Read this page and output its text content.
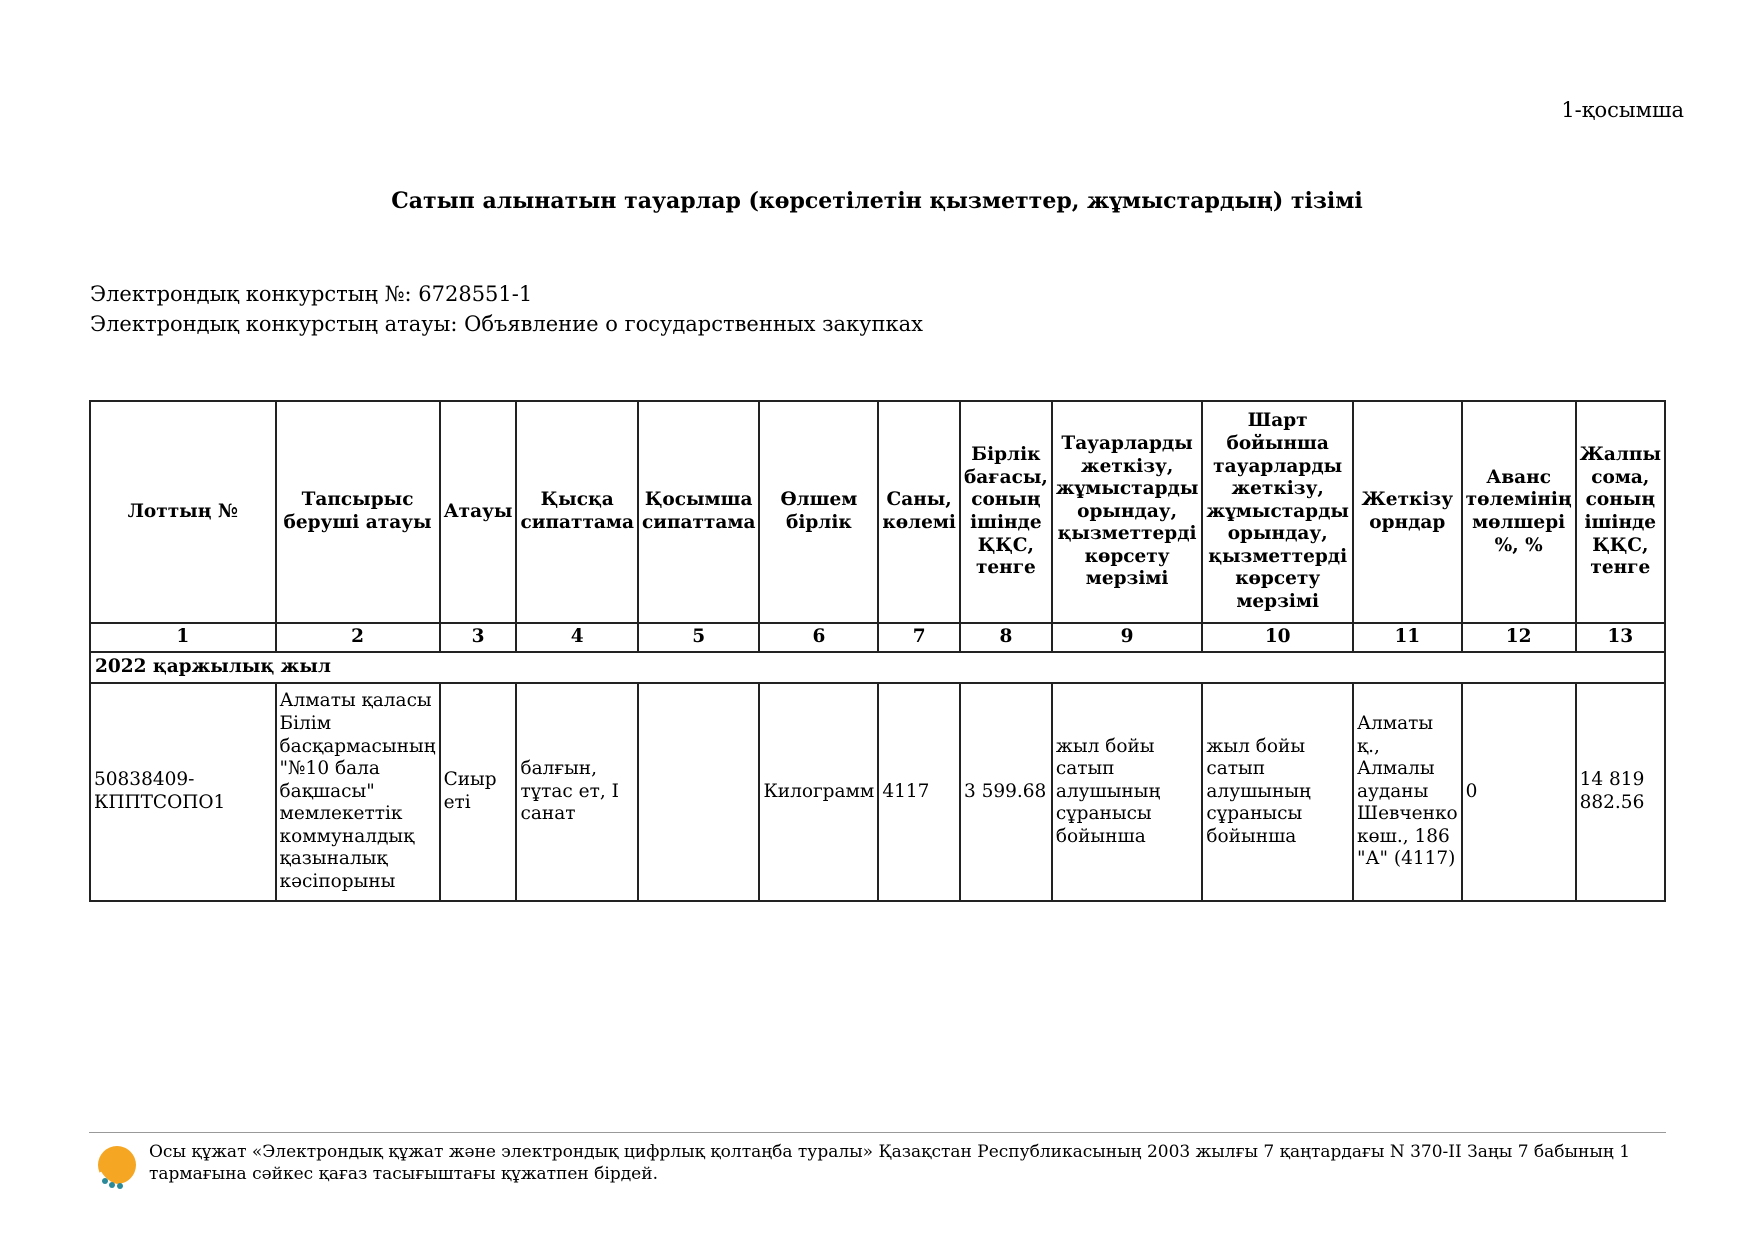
1-қосымша
Сатып алынатын тауарлар (көрсетілетін қызметтер, жұмыстардың) тізімі
Электрондық конкурстың №: 6728551-1
Электрондық конкурстың атауы: Объявление о государственных закупках
Лоттың №	Тапсырыс беруші атауы	Атауы	Қысқа сипаттама	Қосымша сипаттама	Өлшем бірлік	Саны, көлемі	Бірлік бағасы, соның ішінде ҚҚС, тенге	Тауарларды жеткізу, жұмыстарды орындау, қызметтерді көрсету мерзімі	Шарт бойынша тауарларды жеткізу, жұмыстарды орындау, қызметтерді көрсету мерзімі	Жеткізу орндар	Аванс төлемінің мөлшері %, %	Жалпы сома, соның ішінде ҚҚС, тенге
1	2	3	4	5	6	7	8	9	10	11	12	13
2022 қаржылық жыл												
50838409-КППТСОПО1	Алматы қаласы Білім басқармасының "№10 бала бақшасы" мемлекеттік коммуналдық қазыналық кәсіпорыны	Сиыр еті	балғын, тұтас ет, I санат		Килограмм	4117	3 599.68	жыл бойы сатып алушының сұранысы бойынша	жыл бойы сатып алушының сұранысы бойынша	Алматы қ., Алмалы ауданы Шевченко көш., 186 "А" (4117)	0	14 819 882.56
Осы құжат «Электрондық құжат және электрондық цифрлық қолтаңба туралы» Қазақстан Республикасының 2003 жылғы 7 қаңтардағы N 370-II Заңы 7 бабының 1 тармағына сәйкес қағаз тасығыштағы құжатпен бірдей.
